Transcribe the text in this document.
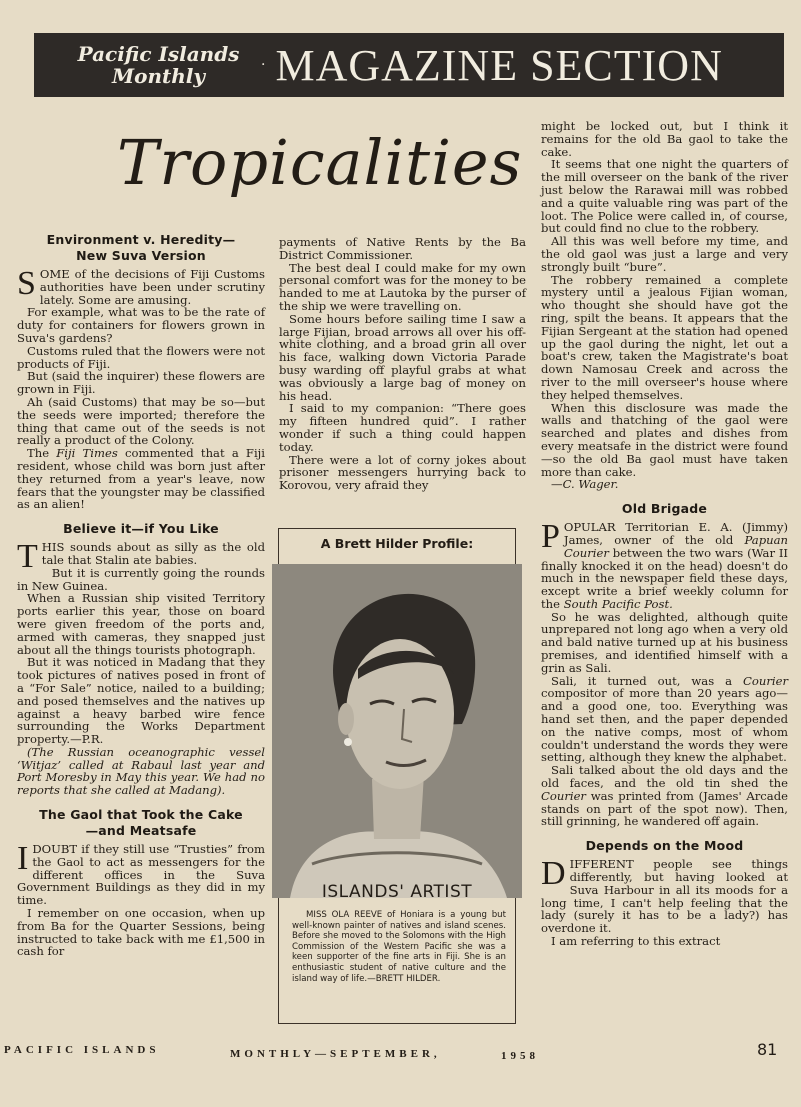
Pacific Islands
Monthly	· MAGAZINE SECTION
Tropicalities
Environment v. Heredity—
New Suva Version

SOME of the decisions of Fiji Customs authorities have been under scrutiny lately. Some are amusing.

For example, what was to be the rate of duty for containers for flowers grown in Suva's gardens?

Customs ruled that the flowers were not products of Fiji.

But (said the inquirer) these flowers are grown in Fiji.

Ah (said Customs) that may be so—but the seeds were imported; therefore the thing that came out of the seeds is not really a product of the Colony.

The Fiji Times commented that a Fiji resident, whose child was born just after they returned from a year's leave, now fears that the youngster may be classified as an alien!

Believe it—if You Like

THIS sounds about as silly as the old tale that Stalin ate babies.

But it is currently going the rounds in New Guinea.

When a Russian ship visited Territory ports earlier this year, those on board were given freedom of the ports and, armed with cameras, they snapped just about all the things tourists photograph.

But it was noticed in Madang that they took pictures of natives posed in front of a “For Sale” notice, nailed to a building; and posed themselves and the natives up against a heavy barbed wire fence surrounding the Works Department property.—P.R.

(The Russian oceanographic vessel ‘Witjaz’ called at Rabaul last year and Port Moresby in May this year. We had no reports that she called at Madang).

The Gaol that Took the Cake
—and Meatsafe

IDOUBT if they still use “Trusties” from the Gaol to act as messengers for the different offices in the Suva Government Buildings as they did in my time.

I remember on one occasion, when up from Ba for the Quarter Sessions, being instructed to take back with me £1,500 in cash for

payments of Native Rents by the Ba District Commissioner.

The best deal I could make for my own personal comfort was for the money to be handed to me at Lautoka by the purser of the ship we were travelling on.

Some hours before sailing time I saw a large Fijian, broad arrows all over his off-white clothing, and a broad grin all over his face, walking down Victoria Parade busy warding off playful grabs at what was obviously a large bag of money on his head.

I said to my companion: “There goes my fifteen hundred quid”. I rather wonder if such a thing could happen today.

There were a lot of corny jokes about prisoner messengers hurrying back to Korovou, very afraid they

A Brett Hilder Profile:
ISLANDS' ARTIST
MISS OLA REEVE of Honiara is a young but well-known painter of natives and island scenes. Before she moved to the Solomons with the High Commission of the Western Pacific she was a keen supporter of the fine arts in Fiji. She is an enthusiastic student of native culture and the island way of life.—BRETT HILDER.

might be locked out, but I think it remains for the old Ba gaol to take the cake.

It seems that one night the quarters of the mill overseer on the bank of the river just below the Rarawai mill was robbed and a quite valuable ring was part of the loot. The Police were called in, of course, but could find no clue to the robbery.

All this was well before my time, and the old gaol was just a large and very strongly built “bure”.

The robbery remained a complete mystery until a jealous Fijian woman, who thought she should have got the ring, spilt the beans. It appears that the Fijian Sergeant at the station had opened up the gaol during the night, let out a boat's crew, taken the Magistrate's boat down Namosau Creek and across the river to the mill overseer's house where they helped themselves.

When this disclosure was made the walls and thatching of the gaol were searched and plates and dishes from every meatsafe in the district were found—so the old Ba gaol must have taken more than cake.

—C. Wager.

Old Brigade

POPULAR Territorian E. A. (Jimmy) James, owner of the old Papuan Courier between the two wars (War II finally knocked it on the head) doesn't do much in the newspaper field these days, except write a brief weekly column for the South Pacific Post.

So he was delighted, although quite unprepared not long ago when a very old and bald native turned up at his business premises, and identified himself with a grin as Sali.

Sali, it turned out, was a Courier compositor of more than 20 years ago—and a good one, too. Everything was hand set then, and the paper depended on the native comps, most of whom couldn't understand the words they were setting, although they knew the alphabet.

Sali talked about the old days and the old faces, and the old tin shed the Courier was printed from (James' Arcade stands on part of the spot now). Then, still grinning, he wandered off again.

Depends on the Mood

DIFFERENT people see things differently, but having looked at Suva Harbour in all its moods for a long time, I can't help feeling that the lady (surely it has to be a lady?) has overdone it.

I am referring to this extract

PACIFIC ISLANDS	MONTHLY—SEPTEMBER,	1958	81
